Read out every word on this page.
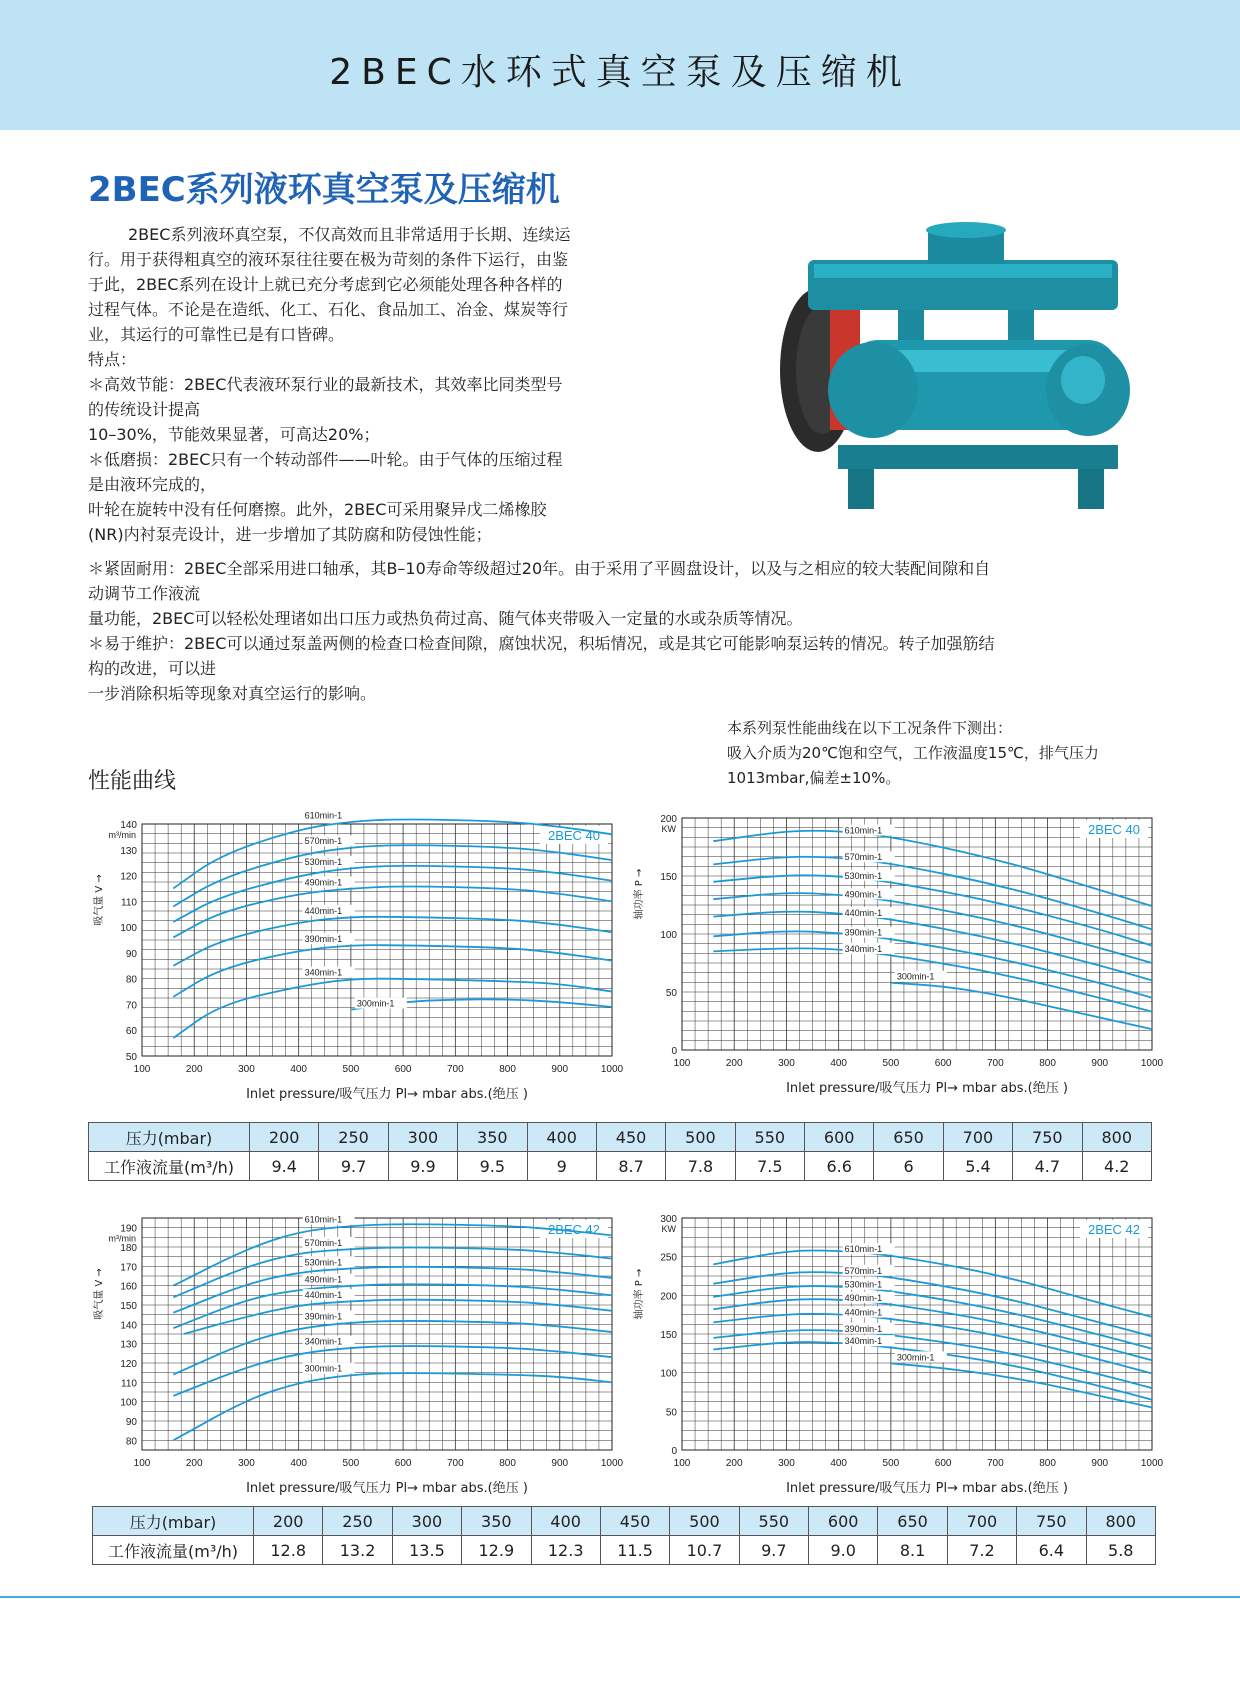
2BEC水环式真空泵及压缩机
2BEC系列液环真空泵及压缩机

2BEC系列液环真空泵，不仅高效而且非常适用于长期、连续运

行。用于获得粗真空的液环泵往往要在极为苛刻的条件下运行，由鉴

于此，2BEC系列在设计上就已充分考虑到它必须能处理各种各样的

过程气体。不论是在造纸、化工、石化、食品加工、冶金、煤炭等行

业，其运行的可靠性已是有口皆碑。

特点：

＊高效节能：2BEC代表液环泵行业的最新技术，其效率比同类型号

的传统设计提高

10–30%，节能效果显著，可高达20%；

＊低磨损：2BEC只有一个转动部件——叶轮。由于气体的压缩过程

是由液环完成的，

叶轮在旋转中没有任何磨擦。此外，2BEC可采用聚异戊二烯橡胶

(NR)内衬泵壳设计，进一步增加了其防腐和防侵蚀性能；

＊紧固耐用：2BEC全部采用进口轴承，其B–10寿命等级超过20年。由于采用了平圆盘设计，以及与之相应的较大装配间隙和自

动调节工作液流

量功能，2BEC可以轻松处理诸如出口压力或热负荷过高、随气体夹带吸入一定量的水或杂质等情况。

＊易于维护：2BEC可以通过泵盖两侧的检查口检查间隙，腐蚀状况，积垢情况，或是其它可能影响泵运转的情况。转子加强筋结

构的改进，可以进

一步消除积垢等现象对真空运行的影响。

本系列泵性能曲线在以下工况条件下测出：
吸入介质为20℃饱和空气，工作液温度15℃，排气压力
1013mbar,偏差±10%。
性能曲线
100	200	300	400	500	600	700	800	900	1000
50
60
70
80
90
100
110
120
130
140
m³/min
吸气量 V →
Inlet pressure/吸气压力 Pl→ mbar abs.(绝压 )
2BEC 40
610min-1
570min-1
530min-1
490min-1
440min-1
390min-1
340min-1
300min-1
100	200	300	400	500	600	700	800	900	1000
0
50
100
150
200
KW
轴功率 P →
Inlet pressure/吸气压力 Pl→ mbar abs.(绝压 )
2BEC 40
610min-1
570min-1
530min-1
490min-1
440min-1
390min-1
340min-1
300min-1
100	200	300	400	500	600	700	800	900	1000
80
90
100
110
120
130
140
150
160
170
180
190
m³/min
吸气量 V →
Inlet pressure/吸气压力 Pl→ mbar abs.(绝压 )
2BEC 42
610min-1
570min-1
530min-1
490min-1
440min-1
390min-1
340min-1
300min-1
100	200	300	400	500	600	700	800	900	1000
0
50
100
150
200
250
300
KW
轴功率 P →
Inlet pressure/吸气压力 Pl→ mbar abs.(绝压 )
2BEC 42
610min-1
570min-1
530min-1
490min-1
440min-1
390min-1
340min-1
300min-1
压力(mbar)	200	250	300	350	400	450	500	550	600	650	700	750	800
工作液流量(m³/h)	9.4	9.7	9.9	9.5	9	8.7	7.8	7.5	6.6	6	5.4	4.7	4.2
压力(mbar)	200	250	300	350	400	450	500	550	600	650	700	750	800
工作液流量(m³/h)	12.8	13.2	13.5	12.9	12.3	11.5	10.7	9.7	9.0	8.1	7.2	6.4	5.8
